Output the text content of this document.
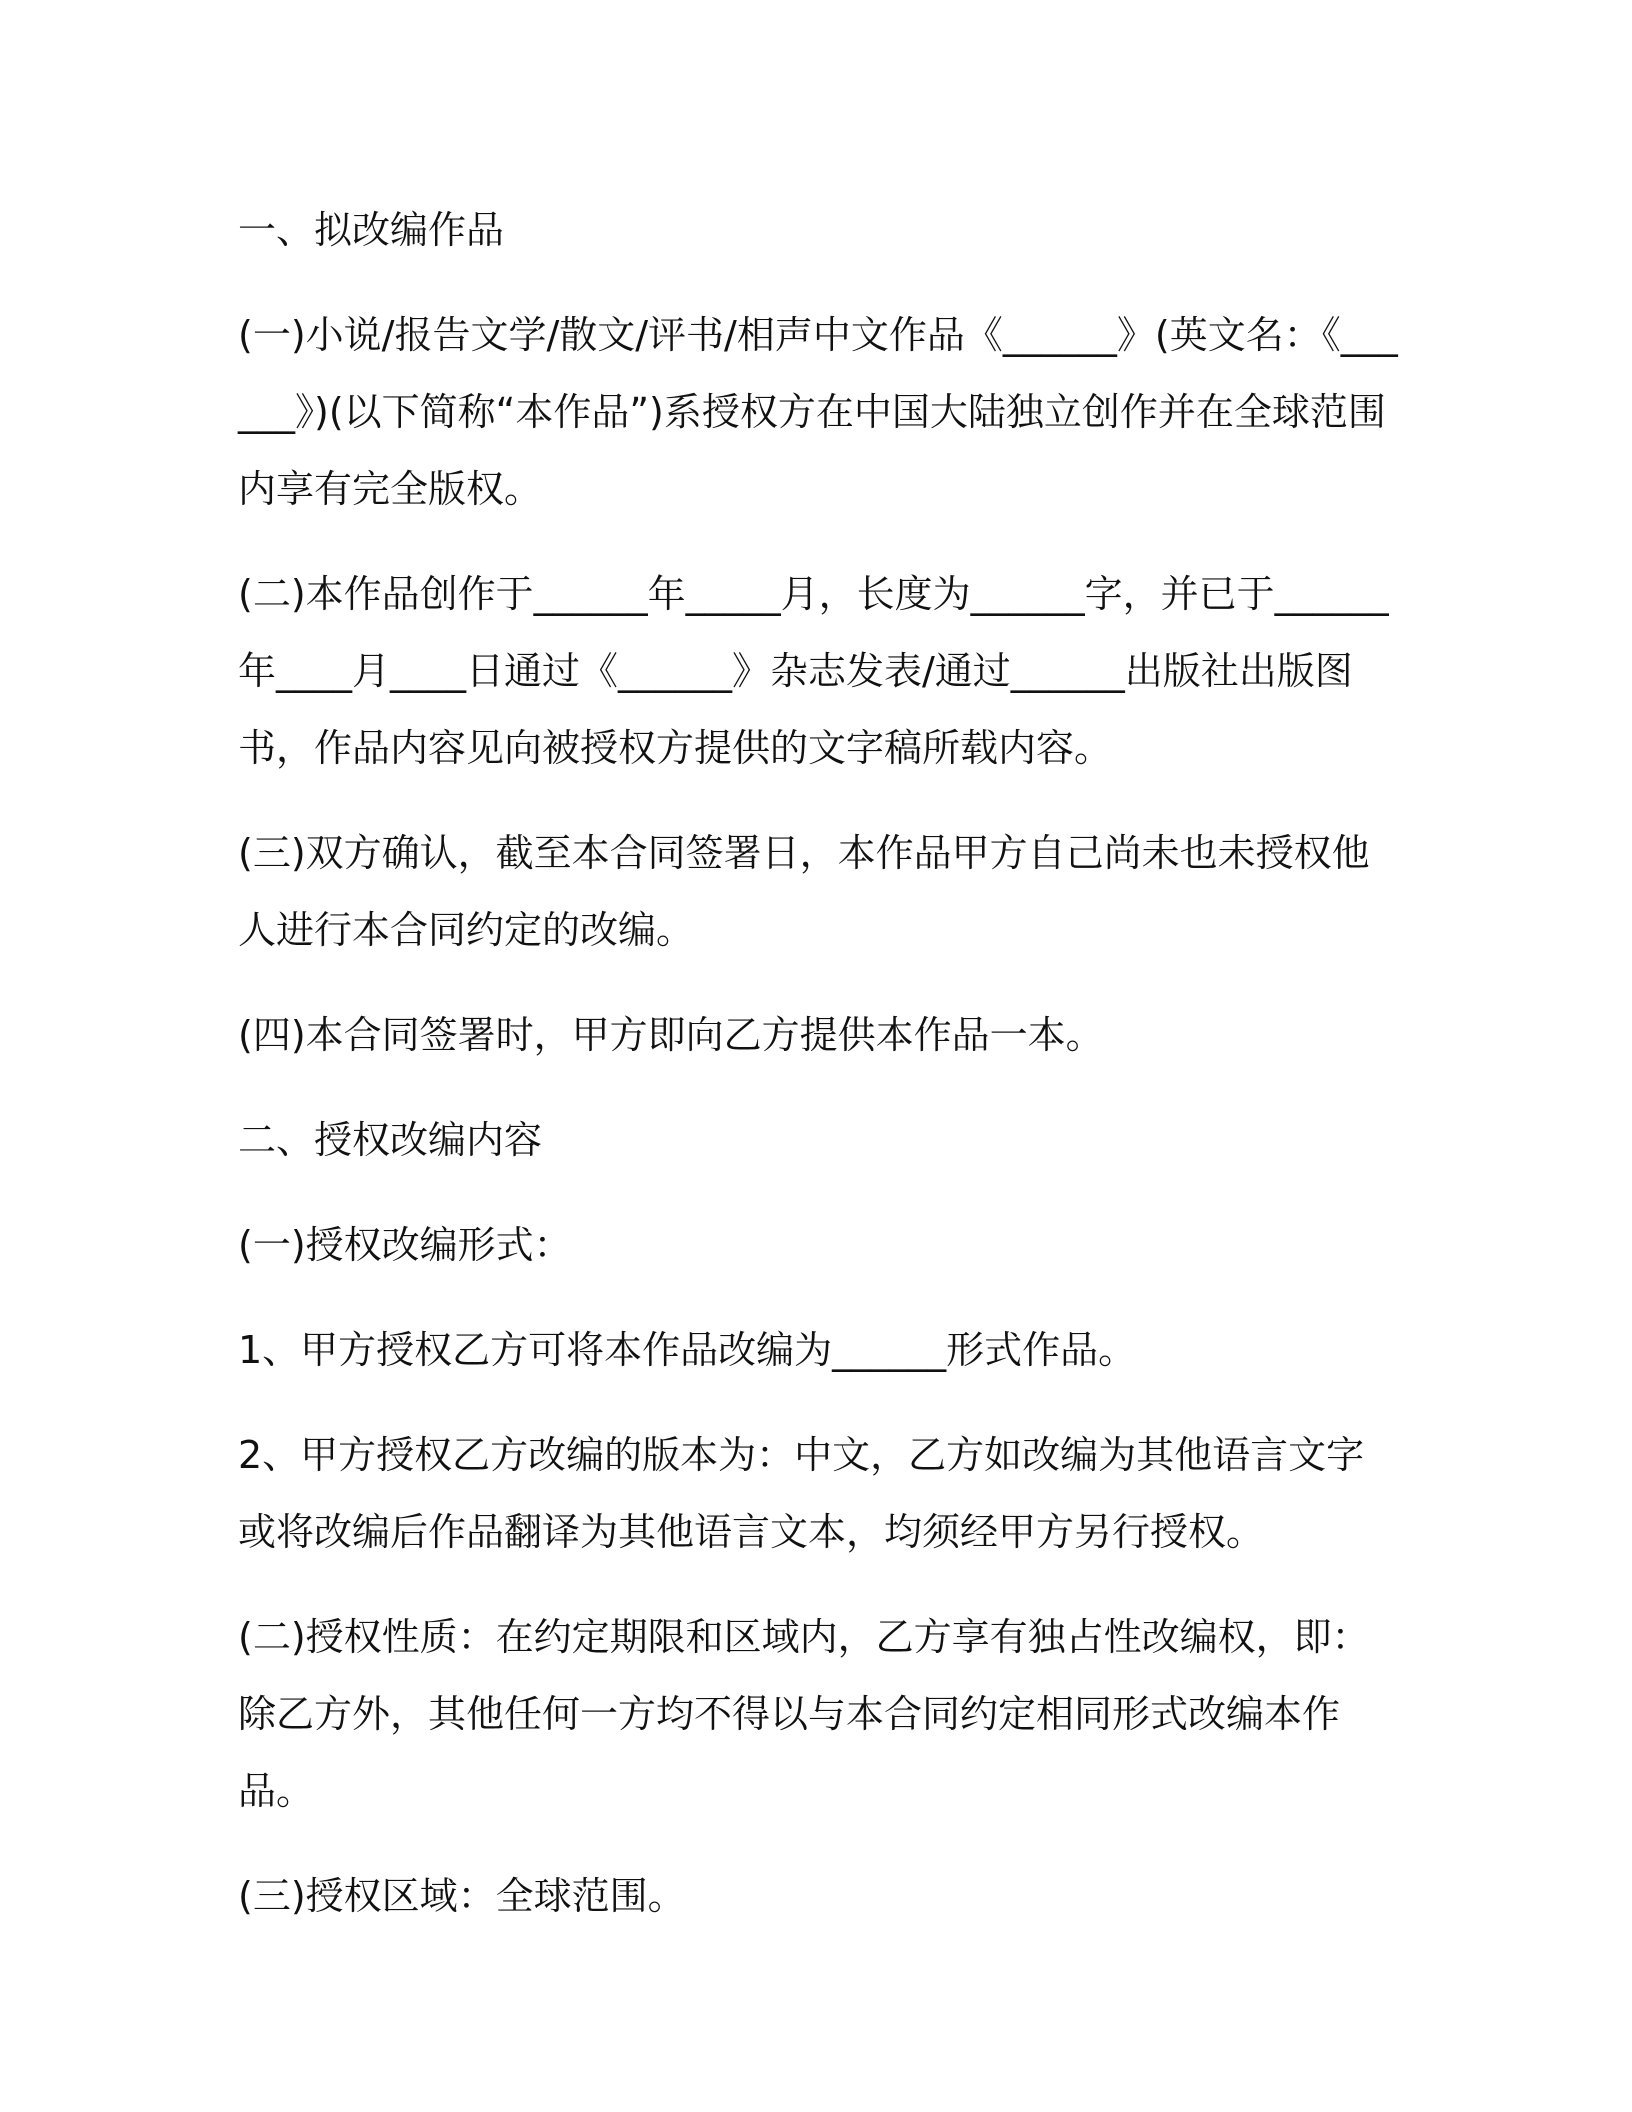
一、拟改编作品

(一)小说/报告文学/散文/评书/相声中文作品《______》(英文名：《______》)(以下简称“本作品”)系授权方在中国大陆独立创作并在全球范围内享有完全版权。

(二)本作品创作于______年_____月，长度为______字，并已于______年____月____日通过《______》杂志发表/通过______出版社出版图书，作品内容见向被授权方提供的文字稿所载内容。

(三)双方确认，截至本合同签署日，本作品甲方自己尚未也未授权他人进行本合同约定的改编。

(四)本合同签署时，甲方即向乙方提供本作品一本。

二、授权改编内容

(一)授权改编形式：

1、甲方授权乙方可将本作品改编为______形式作品。

2、甲方授权乙方改编的版本为：中文，乙方如改编为其他语言文字或将改编后作品翻译为其他语言文本，均须经甲方另行授权。

(二)授权性质：在约定期限和区域内，乙方享有独占性改编权，即：除乙方外，其他任何一方均不得以与本合同约定相同形式改编本作品。

(三)授权区域：全球范围。
